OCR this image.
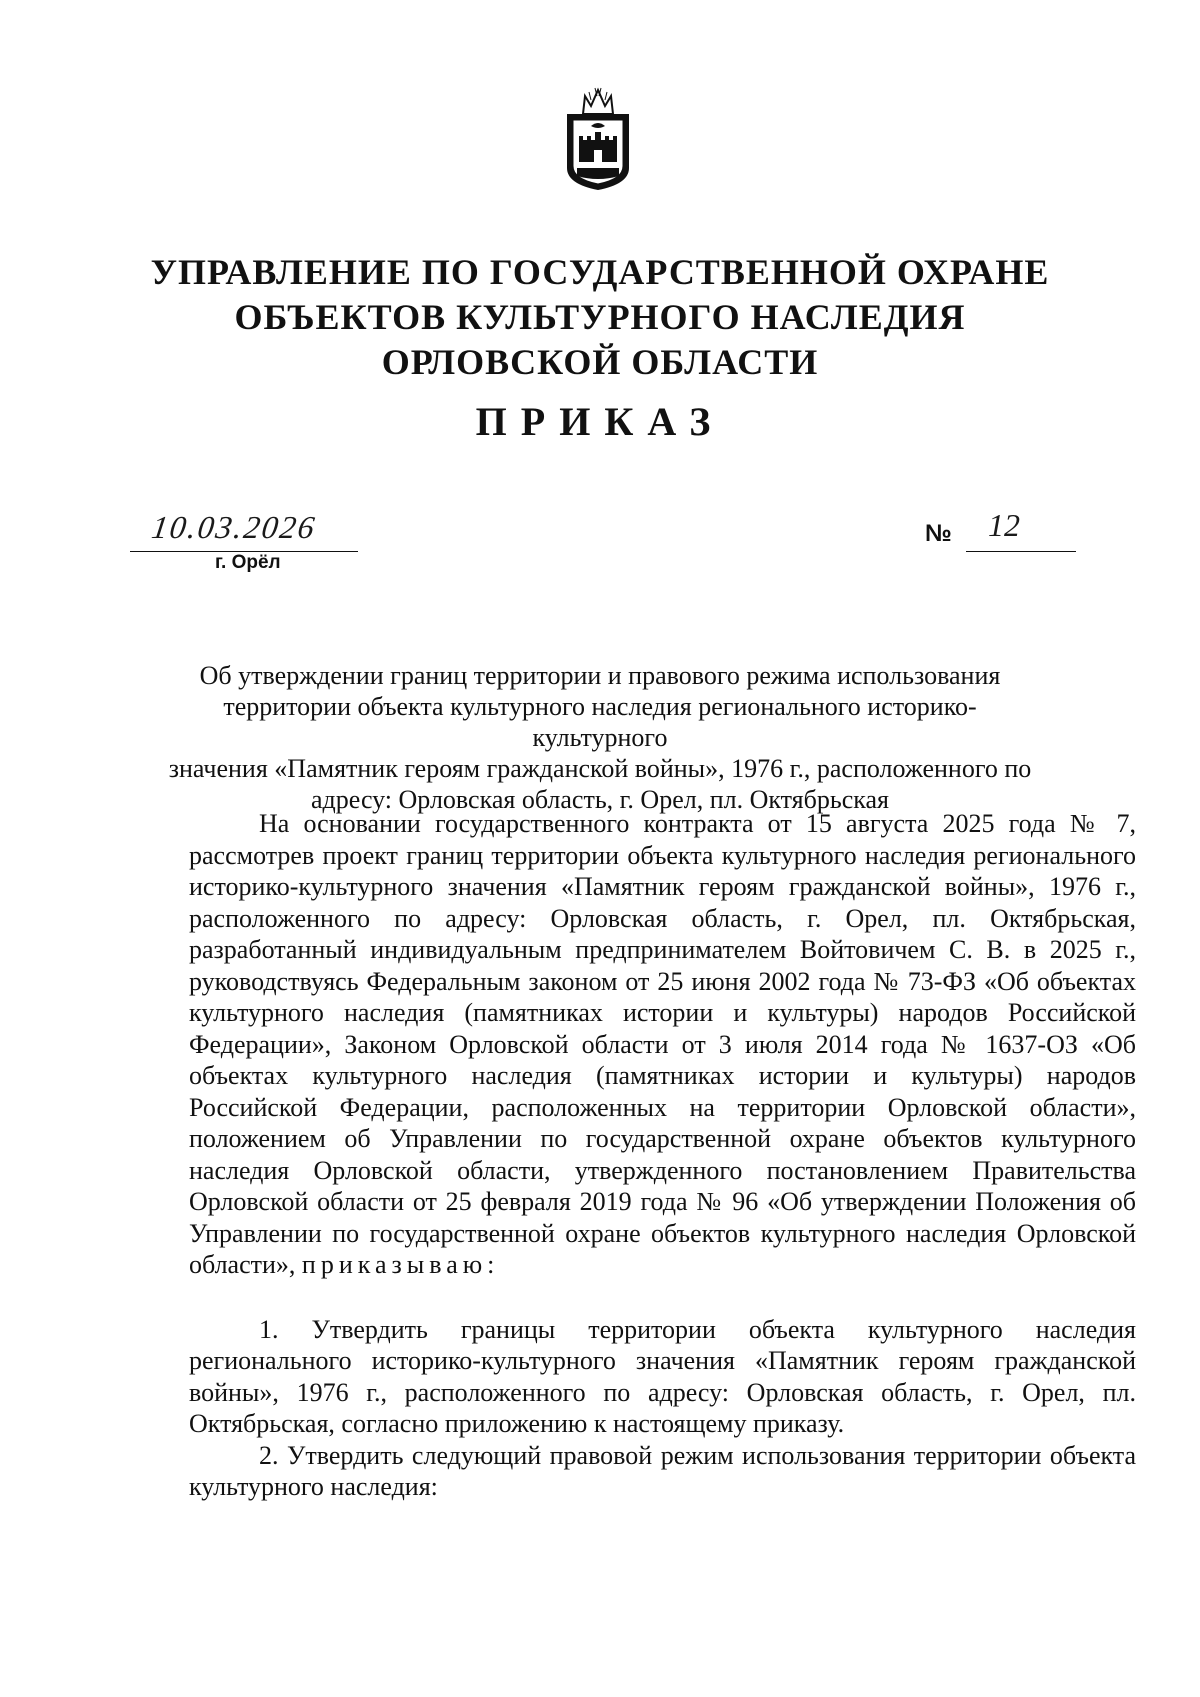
УПРАВЛЕНИЕ ПО ГОСУДАРСТВЕННОЙ ОХРАНЕ
ОБЪЕКТОВ КУЛЬТУРНОГО НАСЛЕДИЯ
ОРЛОВСКОЙ ОБЛАСТИ
ПРИКАЗ
10.03.2026
г. Орёл
№ 12
Об утверждении границ территории и правового режима использования
территории объекта культурного наследия регионального историко-культурного
значения «Памятник героям гражданской войны», 1976 г., расположенного по
адресу: Орловская область, г. Орел, пл. Октябрьская

На основании государственного контракта от 15 августа 2025 года № 7, рассмотрев проект границ территории объекта культурного наследия регионального историко-культурного значения «Памятник героям гражданской войны», 1976 г., расположенного по адресу: Орловская область, г. Орел, пл. Октябрьская, разработанный индивидуальным предпринимателем Войтовичем С. В. в 2025 г., руководствуясь Федеральным законом от 25 июня 2002 года № 73-ФЗ «Об объектах культурного наследия (памятниках истории и культуры) народов Российской Федерации», Законом Орловской области от 3 июля 2014 года № 1637-ОЗ «Об объектах культурного наследия (памятниках истории и культуры) народов Российской Федерации, расположенных на территории Орловской области», положением об Управлении по государственной охране объектов культурного наследия Орловской области, утвержденного постановлением Правительства Орловской области от 25 февраля 2019 года № 96 «Об утверждении Положения об Управлении по государственной охране объектов культурного наследия Орловской области», приказываю:

1. Утвердить границы территории объекта культурного наследия регионального историко-культурного значения «Памятник героям гражданской войны», 1976 г., расположенного по адресу: Орловская область, г. Орел, пл. Октябрьская, согласно приложению к настоящему приказу.

2. Утвердить следующий правовой режим использования территории объекта культурного наследия:
